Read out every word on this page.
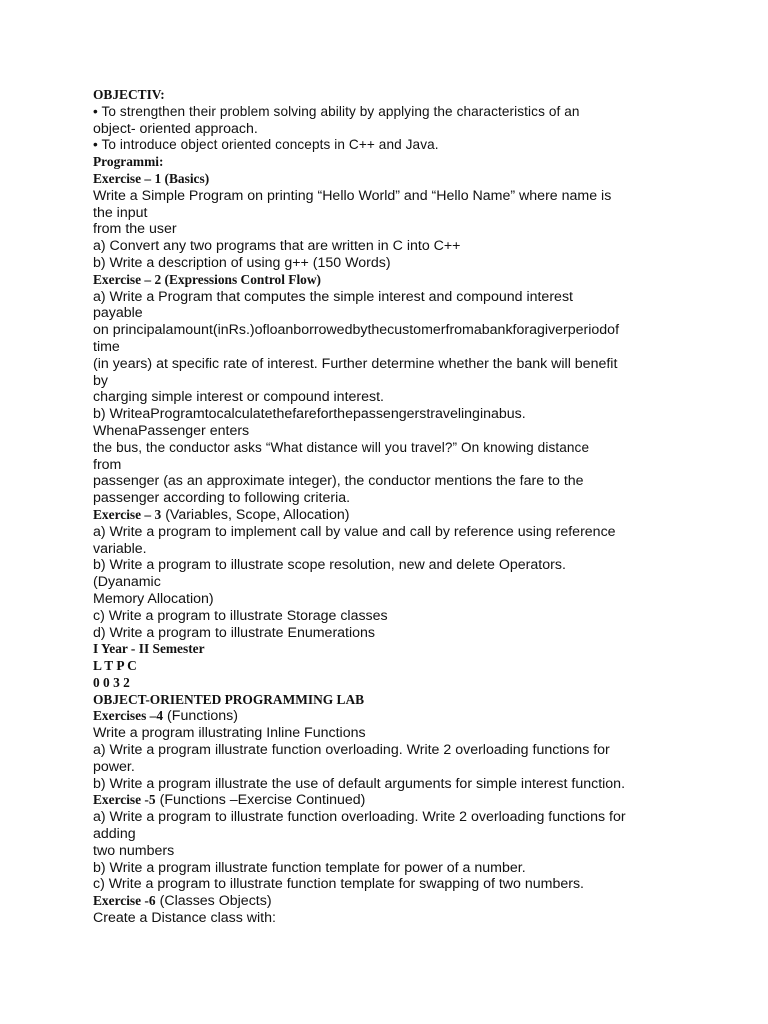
OBJECTIV:
• To strengthen their problem solving ability by applying the characteristics of an
object- oriented approach.
• To introduce object oriented concepts in C++ and Java.
Programmi:
Exercise – 1 (Basics)
Write a Simple Program on printing “Hello World” and “Hello Name” where name is
the input
from the user
a) Convert any two programs that are written in C into C++
b) Write a description of using g++ (150 Words)
Exercise – 2 (Expressions Control Flow)
a) Write a Program that computes the simple interest and compound interest
payable
on principalamount(inRs.)ofloanborrowedbythecustomerfromabankforagiverperiodof
time
(in years) at specific rate of interest. Further determine whether the bank will benefit
by
charging simple interest or compound interest.
b) WriteaProgramtocalculatethefareforthepassengerstravelinginabus.
WhenaPassenger enters
the bus, the conductor asks “What distance will you travel?” On knowing distance
from
passenger (as an approximate integer), the conductor mentions the fare to the
passenger according to following criteria.
Exercise – 3 (Variables, Scope, Allocation)
a) Write a program to implement call by value and call by reference using reference
variable.
b) Write a program to illustrate scope resolution, new and delete Operators.
(Dyanamic
Memory Allocation)
c) Write a program to illustrate Storage classes
d) Write a program to illustrate Enumerations
I Year - II Semester
L T P C
0 0 3 2
OBJECT-ORIENTED PROGRAMMING LAB
Exercises –4 (Functions)
Write a program illustrating Inline Functions
a) Write a program illustrate function overloading. Write 2 overloading functions for
power.
b) Write a program illustrate the use of default arguments for simple interest function.
Exercise -5 (Functions –Exercise Continued)
a) Write a program to illustrate function overloading. Write 2 overloading functions for
adding
two numbers
b) Write a program illustrate function template for power of a number.
c) Write a program to illustrate function template for swapping of two numbers.
Exercise -6 (Classes Objects)
Create a Distance class with:
